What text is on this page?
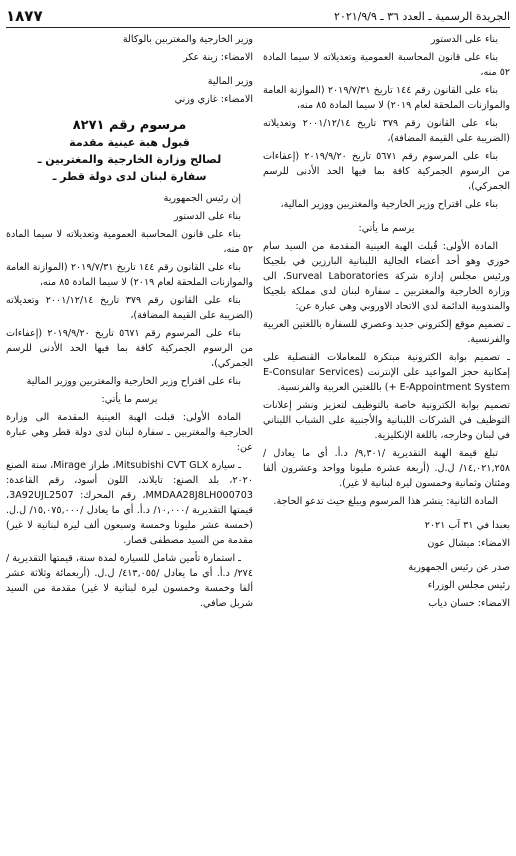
الجريدة الرسمية ـ العدد ٣٦ ـ ٢٠٢١/٩/٩
١٨٧٧

بناء على الدستور

بناء على قانون المحاسبة العمومية وتعديلاته لا سيما المادة ٥٢ منه،

بناء على القانون رقم ١٤٤ تاريخ ٢٠١٩/٧/٣١ (الموازنة العامة والموازنات الملحقة لعام ٢٠١٩) لا سيما المادة ٨٥ منه،

بناء على القانون رقم ٣٧٩ تاريخ ٢٠٠١/١٢/١٤ وتعديلاته (الضريبة على القيمة المضافة)،

بناء على المرسوم رقم ٥٦٧١ تاريخ ٢٠١٩/٩/٢٠ (إعفاءات من الرسوم الجمركية كافة بما فيها الحد الأدنى للرسم الجمركي)،

بناء على اقتراح وزير الخارجية والمغتربين ووزير المالية،

يرسم ما يأتي:

المادة الأولى: قُبلت الهبة العينية المقدمة من السيد سام خوري وهو أحد أعضاء الجالية اللبنانية البارزين في بلجيكا ورئيس مجلس إدارة شركة Surveal Laboratories، الى وزارة الخارجية والمغتربين ـ سفارة لبنان لدى مملكة بلجيكا والمندوبية الدائمة لدى الاتحاد الاوروبي وهي عبارة عن:

ـ تصميم موقع إلكتروني جديد وعصري للسفارة باللغتين العربية والفرنسية.

ـ تصميم بوابة الكترونية مبتكرة للمعاملات القنصلية على إمكانية حجز المواعيد على الإنترنت (E-Consular Services + E-Appointment System) باللغتين العربية والفرنسية.

تصميم بوابة الكترونية خاصة بالتوظيف لتعزيز ونشر إعلانات التوظيف في الشركات اللبنانية والأجنبية على الشباب اللبناني في لبنان وخارجه، باللغة الإنكليزية.

تبلغ قيمة الهبة التقديرية /٩,٣٠١/ د.أ. أي ما يعادل /١٤,٠٢١,٢٥٨/ ل.ل. (أربعة عشرة مليونا وواحد وعشرون ألفا ومئتان وثمانية وخمسون ليرة لبنانية لا غير).

المادة الثانية: ينشر هذا المرسوم ويبلغ حيث تدعو الحاجة.

بعبدا في ٣١ آب ٢٠٢١

الامضاء: ميشال عون

صدر عن رئيس الجمهورية

رئيس مجلس الوزراء

الامضاء: حسان دياب

وزير الخارجية والمغتربين بالوكالة

الامضاء: زينة عكر

وزير المالية

الامضاء: غازي وزني

مرسوم رقم ٨٢٧١
قبول هبة عينية مقدمة
لصالح وزارة الخارجية والمغتربين ـ
سفارة لبنان لدى دولة قطر ـ

إن رئيس الجمهورية

بناء على الدستور

بناء على قانون المحاسبة العمومية وتعديلاته لا سيما المادة ٥٢ منه،

بناء على القانون رقم ١٤٤ تاريخ ٢٠١٩/٧/٣١ (الموازنة العامة والموازنات الملحقة لعام ٢٠١٩) لا سيما المادة ٨٥ منه،

بناء على القانون رقم ٣٧٩ تاريخ ٢٠٠١/١٢/١٤ وتعديلاته (الضريبة على القيمة المضافة)،

بناء على المرسوم رقم ٥٦٧١ تاريخ ٢٠١٩/٩/٢٠ (إعفاءات من الرسوم الجمركية كافة بما فيها الحد الأدنى للرسم الجمركي)،

بناء على اقتراح وزير الخارجية والمغتربين ووزير المالية

يرسم ما يأتي:

المادة الأولى: قبلت الهبة العينية المقدمة الى وزارة الخارجية والمغتربين ـ سفارة لبنان لدى دولة قطر وهي عبارة عن:

ـ سيارة Mitsubishi CVT GLX، طراز Mirage، سنة الصنع ٢٠٢٠، بلد الصنع: تايلاند، اللون أسود، رقم القاعدة: MMDAA28J8LH000703، رقم المحرك: 3A92UJL2507، قيمتها التقديرية /١٠,٠٠٠/ د.أ. أي ما يعادل /١٥,٠٧٥,٠٠٠/ ل.ل. (خمسة عشر مليونا وخمسة وسبعون ألف ليرة لبنانية لا غير) مقدمة من السيد مصطفى قصار.

ـ استمارة تأمين شامل للسيارة لمدة سنة، قيمتها التقديرية /٢٧٤/ د.أ. أي ما يعادل /٤١٣,٠٥٥/ ل.ل. (أربعمائة وثلاثة عشر ألفا وخمسة وخمسون ليرة لبنانية لا غير) مقدمة من السيد شربل صافي.
